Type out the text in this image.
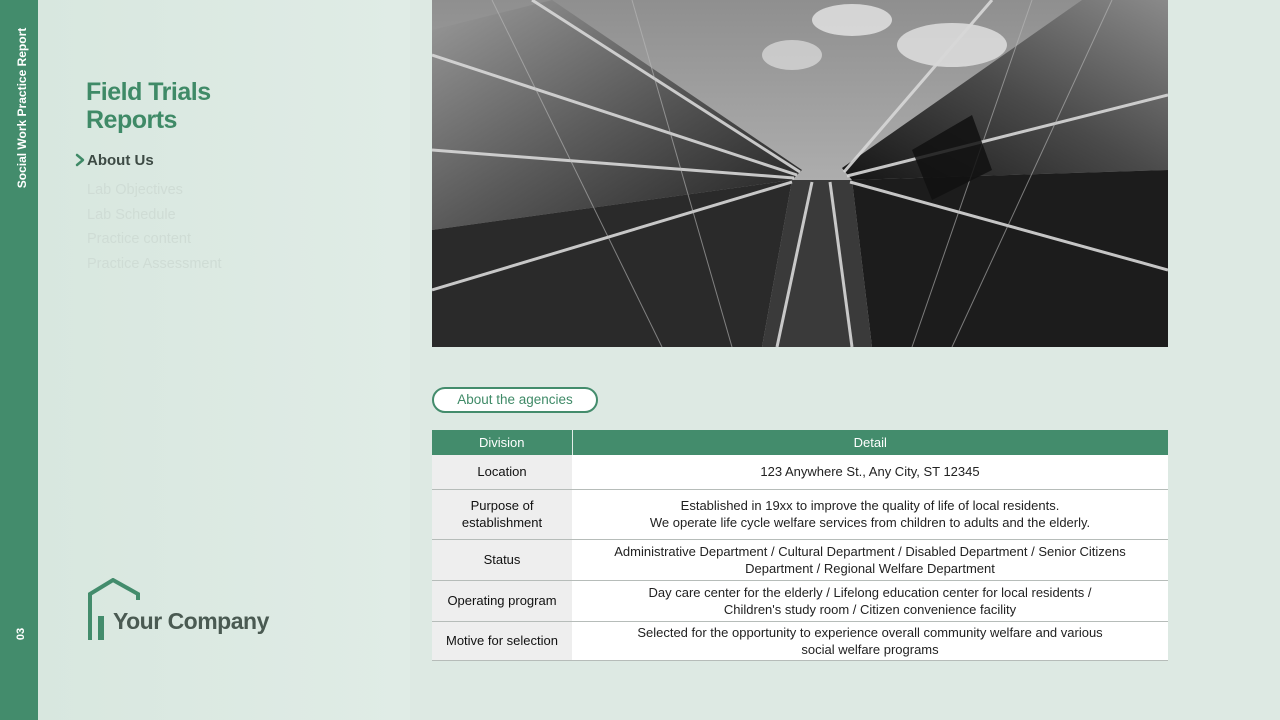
Social Work Practice Report
03
Field Trials
Reports
About Us
Lab Objectives
Lab Schedule
Practice content
Practice Assessment
Your Company
About the agencies
Division	Detail
Location	123 Anywhere St., Any City, ST 12345
Purpose of
establishment	Established in 19xx to improve the quality of life of local residents.
We operate life cycle welfare services from children to adults and the elderly.
Status	Administrative Department / Cultural Department / Disabled Department / Senior Citizens
Department / Regional Welfare Department
Operating program	Day care center for the elderly / Lifelong education center for local residents /
Children's study room / Citizen convenience facility
Motive for selection	Selected for the opportunity to experience overall community welfare and various
social welfare programs
